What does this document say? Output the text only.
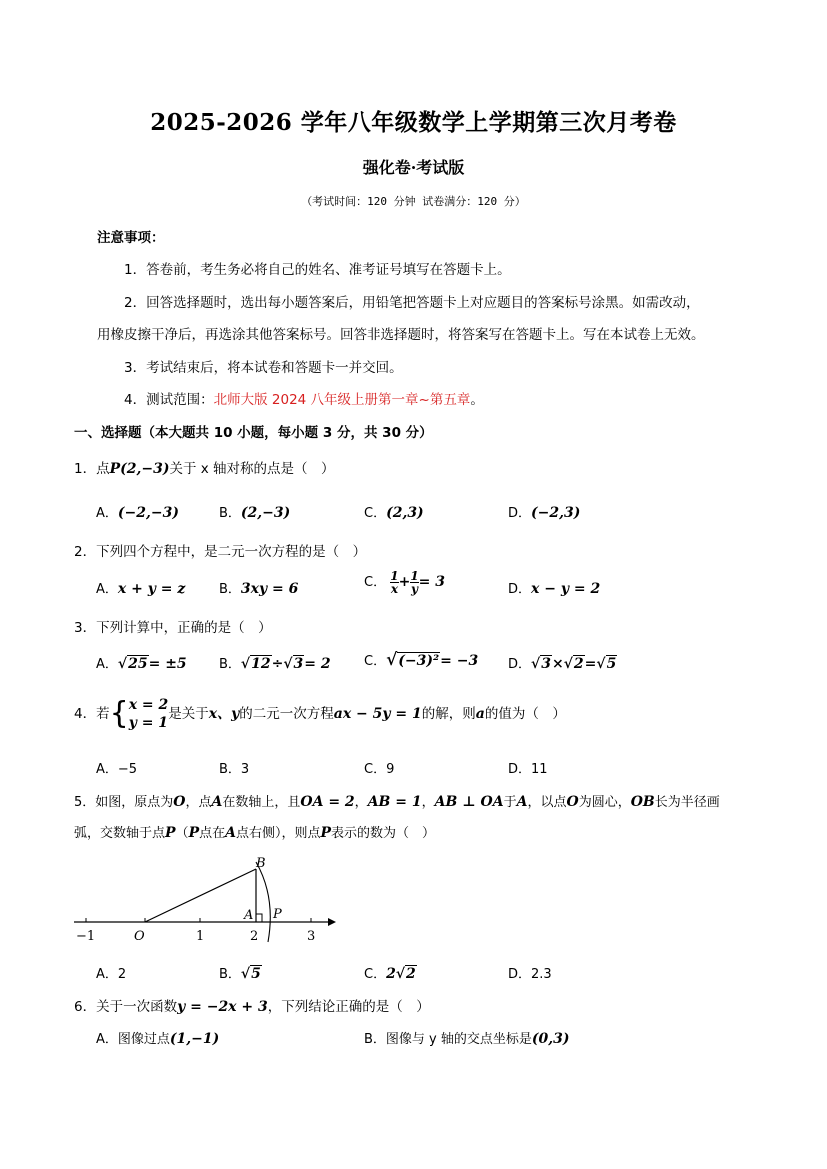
2025-2026 学年八年级数学上学期第三次月考卷
强化卷·考试版
（考试时间：120 分钟 试卷满分：120 分）
注意事项：
1．答卷前，考生务必将自己的姓名、准考证号填写在答题卡上。
2．回答选择题时，选出每小题答案后，用铅笔把答题卡上对应题目的答案标号涂黑。如需改动，
用橡皮擦干净后，再选涂其他答案标号。回答非选择题时，将答案写在答题卡上。写在本试卷上无效。
3．考试结束后，将本试卷和答题卡一并交回。
4．测试范围：北师大版 2024 八年级上册第一章~第五章。
一、选择题（本大题共 10 小题，每小题 3 分，共 30 分）
1．点P(2,−3)关于 x 轴对称的点是（　）
A．(−2,−3)	B．(2,−3)	C．(2,3)	D．(−2,3)
2．下列四个方程中，是二元一次方程的是（　）
A．x + y = z	B．3xy = 6	C． $\frac{1}{x} + \frac{1}{y} = 3$	D．x − y = 2
3．下列计算中，正确的是（　）
A．√25= ±5 B．√12÷√3= 2	C．√(−3)²= −3 D．√3×√2=√5
4．若{ x = 2
y = 1
是关于x、y的二元一次方程ax − 5y = 1的解，则a的值为（　）
A．−5	B．3	C．9	D．11
5．如图，原点为O，点A在数轴上，且OA = 2，AB = 1，AB ⊥ OA于A，以点O为圆心，OB长为半径画
弧，交数轴于点P（P点在A点右侧），则点P表示的数为（　）
−1	O	1	2	3
A
B
P
A．2	B．√5	C．2√2	D．2.3
6．关于一次函数y = −2x + 3，下列结论正确的是（　）
A．图像过点(1,−1)	B．图像与 y 轴的交点坐标是(0,3)
